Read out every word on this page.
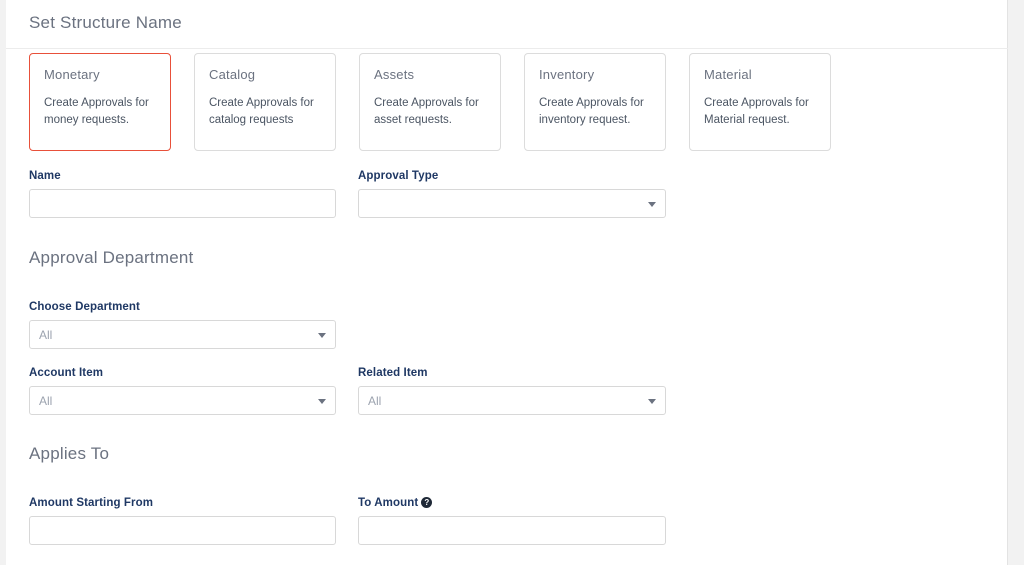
Set Structure Name
Monetary
Create Approvals for money requests.
Catalog
Create Approvals for catalog requests
Assets
Create Approvals for asset requests.
Inventory
Create Approvals for inventory request.
Material
Create Approvals for Material request.
Name	Approval Type
Approval Department
Choose Department
All
Account Item
All
Related Item
All
Applies To
Amount Starting From	To Amount ?
